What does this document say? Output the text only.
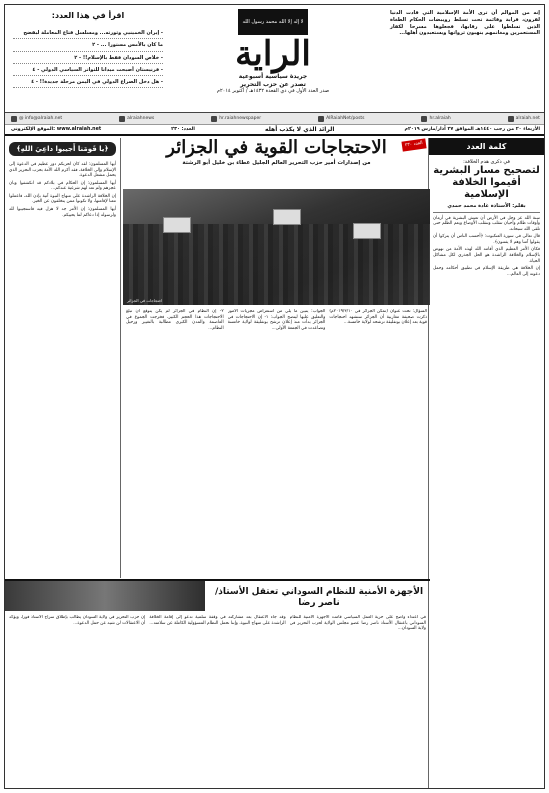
إنه من الموالم أن ترى الأمة الإسلامية التي قادت الدنيا لقرون، قرابة وقائمة تحت تسلط رويبضات الحكام الطغاة الذين تسلطوا على رقابها، فجعلوها مسرحا لكفار المستعمرين ومغانمهم ينهبون ثرواتها ويستعبدون أهلها...
لا إله إلا الله محمد رسول الله
الراية
جريدة سياسية أسبوعية
تصدر عن حزب التحرير
صدر العدد الأول في ذي القعدة ١٤٣٢هـ / أكتوبر ٢٠١٤م
اقرأ في هذا العدد:
- إيران الخمينيي وثورته... ومسلسل قتاع المعاملة لبقضح
ما كان بالأمس مستورا ... - ٢
- خلاص السودان فقط بالإسلام!! - ٢
- فرنيستان أصبحت ميدانا للتواتر السياسي الدولي - ٤
- هل دخل الصراع الدولي في اليمن مرحلة جديدة!! - ٤
@ info@alraiah.net	alraiahnews	hr.raiahnewspaper	AlRaiahNet/posts	hr.alraiah	alraiah.net
الأربعاء ٢٠ من رجب ١٤٤٠هـ الموافق ٢٧ آذار/مارس ٢٠١٩م
الرائد الذي لا يكذب أهله
العدد: ٢٣٠
www.alraiah.net :الموقع الإلكتروني
كلمة العدد
في ذكرى هدم الخلافة:
لتصحيح مسار البشرية أقيموا الخلافة الإسلامية
بقلم: الأستاذة غادة محمد حمدي

سنة الله عز وجل في الأرض أن تعيش البشرية في أزمان وأوقات ظلام وأحيان تتقلب وتنقلب الأوضاع ويعم الظلم حتى تلقى الله سبحانه.

قال تعالى في سورة العنكبوت: ﴿أحسب الناس أن يتركوا أن يقولوا آمنا وهم لا يفتنون﴾.

فكان الأمر العظيم الذي أقامه الله لهذه الأمة من نهوض بالإسلام والخلافة الراشدة هو الحل الجذري لكل مشاكل الحياة.

إن الخلافة هي طريقة الإسلام في تطبيق أحكامه وحمل دعوته إلى العالم...

العدد ٢٣٠
الاحتجاجات القوية في الجزائر
من إصدارات أمير حزب التحرير العالم الجليل عطاء بن خليل أبو الرشتة
﴿يا قَومَنا أَجيبوا داعِيَ اللهِ﴾

أيها المسلمون: لقد كان لحزبكم دور عظيم في الدعوة إلى الإسلام وإلى الخلافة، فقد أكرم الله الأمة بحزب التحرير الذي يحمل مشعل الدعوة.

أيها المسلمون: إن الحكام في بلادكم قد انكشفوا وبان عجزهم ولم تعد لهم شرعية عندكم...

إن الخلافة الراشدة على منهاج النبوة آتية بإذن الله، فاعملوا معنا لإقامتها، ولا تكونوا ممن يتخلفون عن الخير.

أيها المسلمون: إن الأمر جد لا هزل فيه فاستجيبوا لله ولرسوله إذا دعاكم لما يحييكم.

احتجاجات في الجزائر
السؤال: تحت عنوان (تمكن الجزائر في ٢٠١٩/٣/١٠م) ذكرت صحيفة مغاربية أن الجزائر ستشهد احتجاجات قوية بعد إعلان بوتفليقة ترشحه لولاية خامسة...
الجواب: يتبين ما يلي من استعراض مجريات الأمور والتعليق عليها ليتضح الجواب: ١- إن الاحتجاجات في الجزائر بدأت منذ إعلان ترشح بوتفليقة لولاية خامسة وتصاعدت في الجمعة الأولى...
٢- إن النظام في الجزائر لم يكن يتوقع أن تبلغ الاحتجاجات هذا الحجم الكبير، فخرجت الجموع في العاصمة والمدن الكبرى مطالبة بالتغيير ورحيل النظام...
الأجهزة الأمنية للنظام السوداني تعتقل الأستاذ/ ناصر رضا
في اعتداء واضح على حرية العمل السياسي قامت الأجهزة الأمنية للنظام السوداني باعتقال الأستاذ ناصر رضا عضو مجلس الولاية لحزب التحرير في ولاية السودان...
وقد جاء الاعتقال بعد مشاركته في وقفة سلمية تدعو إلى إقامة الخلافة الراشدة على منهاج النبوة، وإننا نحمل النظام المسؤولية الكاملة عن سلامته...
إن حزب التحرير في ولاية السودان يطالب بإطلاق سراح الأستاذ فورا، ويؤكد أن الاعتقالات لن تثنيه عن حمل الدعوة...
